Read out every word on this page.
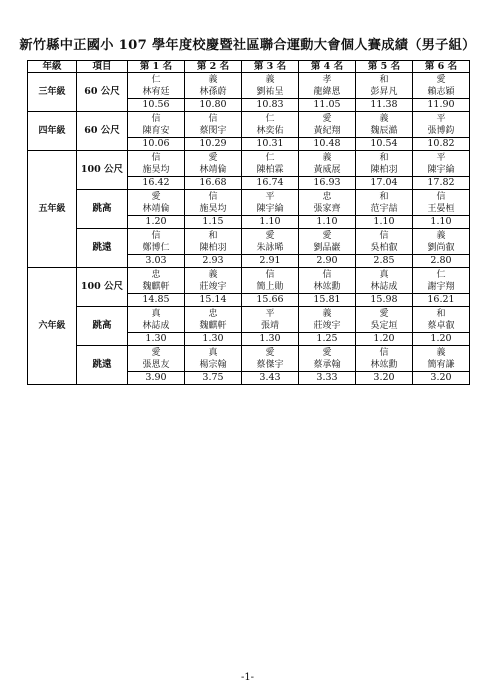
新竹縣中正國小 107 學年度校慶暨社區聯合運動大會個人賽成績（男子組）
年級	項目	第 1 名	第 2 名	第 3 名	第 4 名	第 5 名	第 6 名
三年級	60 公尺	仁
林宥廷
10.56	義
林孫蔚
10.80	義
劉祐呈
10.83	孝
龍緯恩
11.05	和
彭昇凡
11.38	愛
賴志穎
11.90

四年級	60 公尺	信
陳育安
10.06	信
蔡閔宇
10.29	仁
林奕佑
10.31	愛
黃紀翔
10.48	義
魏辰澔
10.54	平
張博鈞
10.82

五年級	100 公尺	信
施昊均
16.42	愛
林靖倫
16.68	仁
陳柏霖
16.74	義
黃威展
16.93	和
陳柏羽
17.04	平
陳宇綸
17.82

	跳高	愛
林靖倫
1.20	信
施昊均
1.15	平
陳宇綸
1.10	忠
張家齊
1.10	和
范宇喆
1.10	信
王晏桓
1.10

	跳遠	信
鄭博仁
3.03	和
陳柏羽
2.93	愛
朱詠晞
2.91	愛
劉品巖
2.90	信
吳柏叡
2.85	義
劉尚叡
2.80

六年級	100 公尺	忠
魏麒軒
14.85	義
莊竣宇
15.14	信
簡上勛
15.66	信
林竑勳
15.81	真
林誌成
15.98	仁
謝宇翔
16.21

	跳高	真
林誌成
1.30	忠
魏麒軒
1.30	平
張靖
1.30	義
莊竣宇
1.25	愛
吳定垣
1.20	和
蔡卓叡
1.20

	跳遠	愛
張恩友
3.90	真
楊宗翰
3.75	愛
蔡傑宇
3.43	愛
蔡承翰
3.33	信
林竑勳
3.20	義
簡宥謙
3.20
-1-
